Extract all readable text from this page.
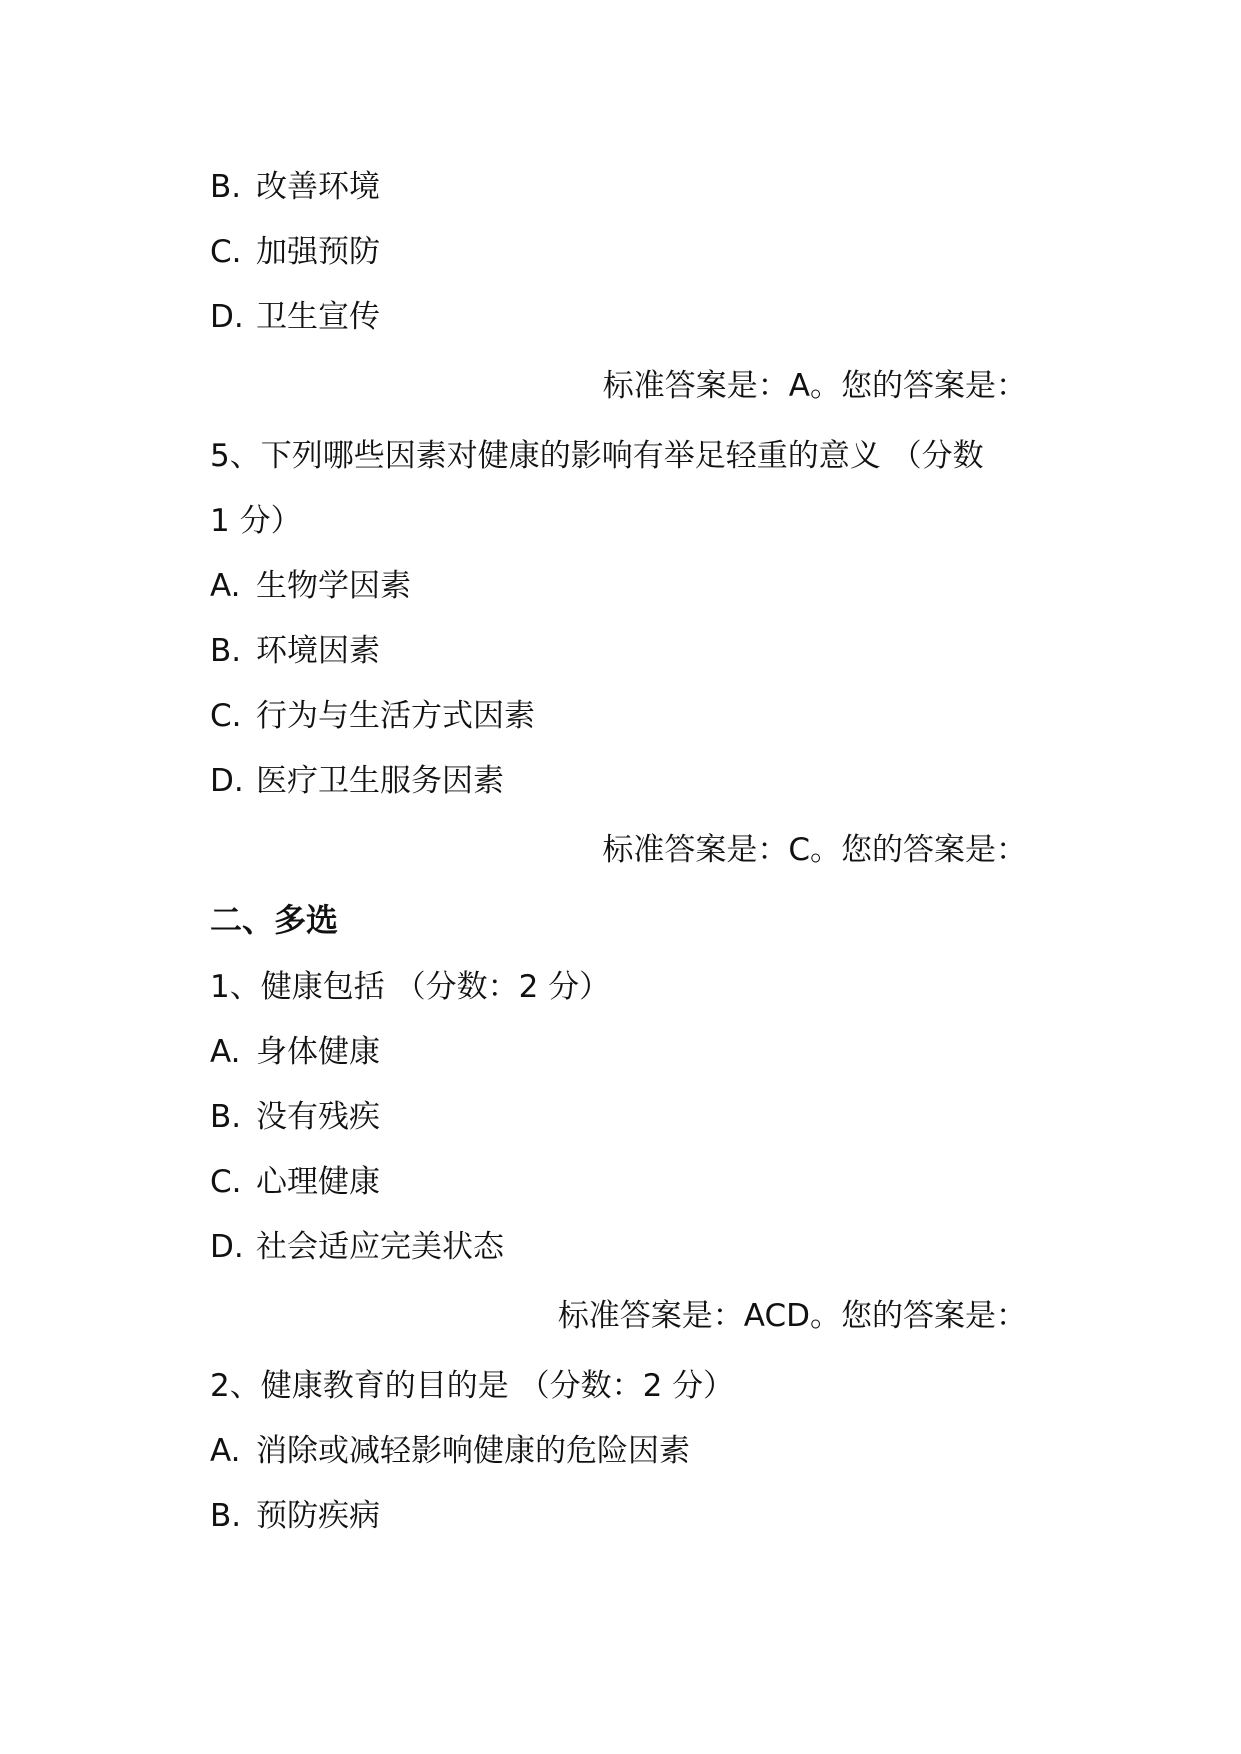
B. 改善环境
C. 加强预防
D. 卫生宣传
标准答案是：A。您的答案是：
5、下列哪些因素对健康的影响有举足轻重的意义 （分数
1 分）
A. 生物学因素
B. 环境因素
C. 行为与生活方式因素
D. 医疗卫生服务因素
标准答案是：C。您的答案是：
二、多选
1、健康包括 （分数：2 分）
A. 身体健康
B. 没有残疾
C. 心理健康
D. 社会适应完美状态
标准答案是：ACD。您的答案是：
2、健康教育的目的是 （分数：2 分）
A. 消除或减轻影响健康的危险因素
B. 预防疾病
